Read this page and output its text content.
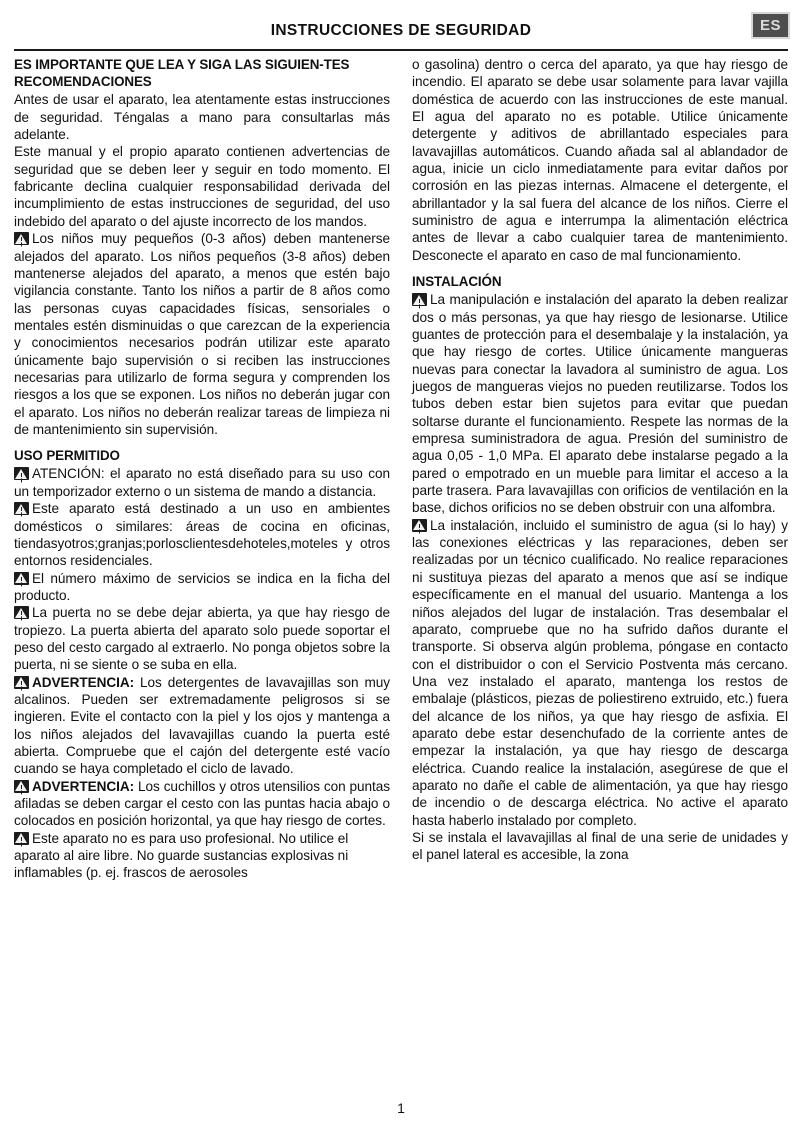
INSTRUCCIONES DE SEGURIDAD	ES
ES IMPORTANTE QUE LEA Y SIGA LAS SIGUIEN-TES RECOMENDACIONES

Antes de usar el aparato, lea atentamente estas instrucciones de seguridad. Téngalas a mano para consultarlas más adelante.

Este manual y el propio aparato contienen advertencias de seguridad que se deben leer y seguir en todo momento. El fabricante declina cualquier responsabilidad derivada del incumplimiento de estas instrucciones de seguridad, del uso indebido del aparato o del ajuste incorrecto de los mandos.

Los niños muy pequeños (0-3 años) deben mantenerse alejados del aparato. Los niños pequeños (3-8 años) deben mantenerse alejados del aparato, a menos que estén bajo vigilancia constante. Tanto los niños a partir de 8 años como las personas cuyas capacidades físicas, sensoriales o mentales estén disminuidas o que carezcan de la experiencia y conocimientos necesarios podrán utilizar este aparato únicamente bajo supervisión o si reciben las instrucciones necesarias para utilizarlo de forma segura y comprenden los riesgos a los que se exponen. Los niños no deberán jugar con el aparato. Los niños no deberán realizar tareas de limpieza ni de mantenimiento sin supervisión.

USO PERMITIDO

ATENCIÓN: el aparato no está diseñado para su uso con un temporizador externo o un sistema de mando a distancia.

Este aparato está destinado a un uso en ambientes domésticos o similares: áreas de cocina en oficinas, tiendasyotros;granjas;porlosclientesdehoteles,moteles y otros entornos residenciales.

El número máximo de servicios se indica en la ficha del producto.

La puerta no se debe dejar abierta, ya que hay riesgo de tropiezo. La puerta abierta del aparato solo puede soportar el peso del cesto cargado al extraerlo. No ponga objetos sobre la puerta, ni se siente o se suba en ella.

ADVERTENCIA: Los detergentes de lavavajillas son muy alcalinos. Pueden ser extremadamente peligrosos si se ingieren. Evite el contacto con la piel y los ojos y mantenga a los niños alejados del lavavajillas cuando la puerta esté abierta. Compruebe que el cajón del detergente esté vacío cuando se haya completado el ciclo de lavado.

ADVERTENCIA: Los cuchillos y otros utensilios con puntas afiladas se deben cargar el cesto con las puntas hacia abajo o colocados en posición horizontal, ya que hay riesgo de cortes.

Este aparato no es para uso profesional. No utilice el aparato al aire libre. No guarde sustancias explosivas ni inflamables (p. ej. frascos de aerosoles

o gasolina) dentro o cerca del aparato, ya que hay riesgo de incendio. El aparato se debe usar solamente para lavar vajilla doméstica de acuerdo con las instrucciones de este manual. El agua del aparato no es potable. Utilice únicamente detergente y aditivos de abrillantado especiales para lavavajillas automáticos. Cuando añada sal al ablandador de agua, inicie un ciclo inmediatamente para evitar daños por corrosión en las piezas internas. Almacene el detergente, el abrillantador y la sal fuera del alcance de los niños. Cierre el suministro de agua e interrumpa la alimentación eléctrica antes de llevar a cabo cualquier tarea de mantenimiento. Desconecte el aparato en caso de mal funcionamiento.

INSTALACIÓN

La manipulación e instalación del aparato la deben realizar dos o más personas, ya que hay riesgo de lesionarse. Utilice guantes de protección para el desembalaje y la instalación, ya que hay riesgo de cortes. Utilice únicamente mangueras nuevas para conectar la lavadora al suministro de agua. Los juegos de mangueras viejos no pueden reutilizarse. Todos los tubos deben estar bien sujetos para evitar que puedan soltarse durante el funcionamiento. Respete las normas de la empresa suministradora de agua. Presión del suministro de agua 0,05 - 1,0 MPa. El aparato debe instalarse pegado a la pared o empotrado en un mueble para limitar el acceso a la parte trasera. Para lavavajillas con orificios de ventilación en la base, dichos orificios no se deben obstruir con una alfombra.

La instalación, incluido el suministro de agua (si lo hay) y las conexiones eléctricas y las reparaciones, deben ser realizadas por un técnico cualificado. No realice reparaciones ni sustituya piezas del aparato a menos que así se indique específicamente en el manual del usuario. Mantenga a los niños alejados del lugar de instalación. Tras desembalar el aparato, compruebe que no ha sufrido daños durante el transporte. Si observa algún problema, póngase en contacto con el distribuidor o con el Servicio Postventa más cercano. Una vez instalado el aparato, mantenga los restos de embalaje (plásticos, piezas de poliestireno extruido, etc.) fuera del alcance de los niños, ya que hay riesgo de asfixia. El aparato debe estar desenchufado de la corriente antes de empezar la instalación, ya que hay riesgo de descarga eléctrica. Cuando realice la instalación, asegúrese de que el aparato no dañe el cable de alimentación, ya que hay riesgo de incendio o de descarga eléctrica. No active el aparato hasta haberlo instalado por completo.

Si se instala el lavavajillas al final de una serie de unidades y el panel lateral es accesible, la zona

1
